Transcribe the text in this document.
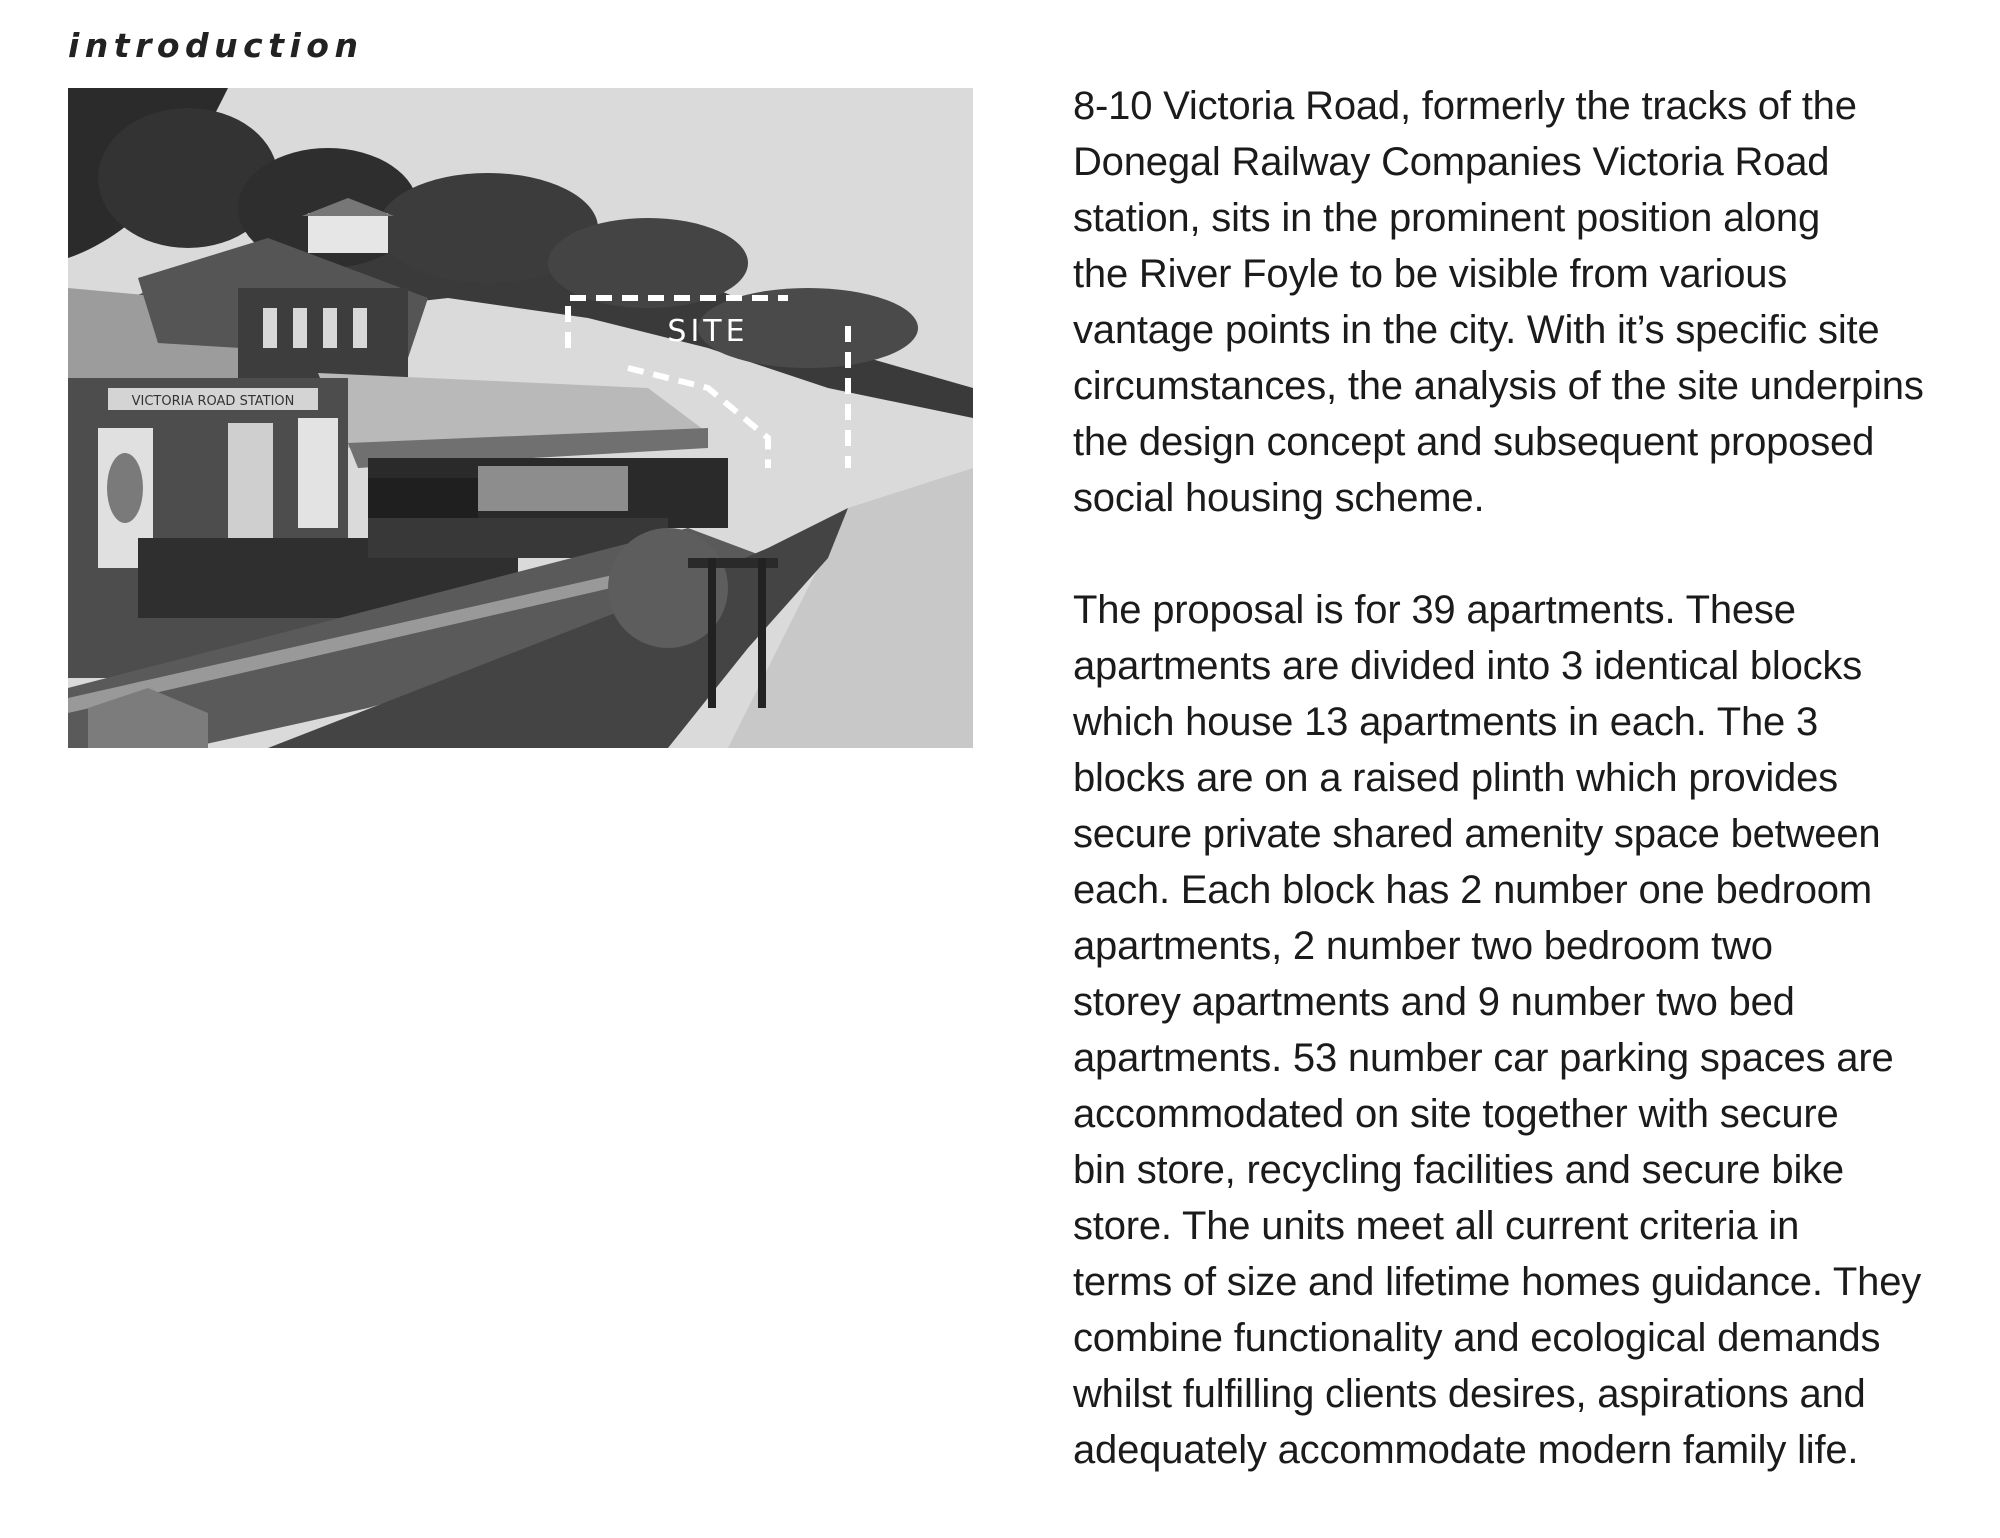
introduction
VICTORIA ROAD STATION
SITE

8-10 Victoria Road, formerly the tracks of the
Donegal Railway Companies Victoria Road
station, sits in the prominent position along
the River Foyle to be visible from various
vantage points in the city. With it’s specific site
circumstances, the analysis of the site underpins
the design concept and subsequent proposed
social housing scheme.

The proposal is for 39 apartments. These
apartments are divided into 3 identical blocks
which house 13 apartments in each. The 3
blocks are on a raised plinth which provides
secure private shared amenity space between
each. Each block has 2 number one bedroom
apartments, 2 number two bedroom two
storey apartments and 9 number two bed
apartments. 53 number car parking spaces are
accommodated on site together with secure
bin store, recycling facilities and secure bike
store. The units meet all current criteria in
terms of size and lifetime homes guidance. They
combine functionality and ecological demands
whilst fulfilling clients desires, aspirations and
adequately accommodate modern family life.
